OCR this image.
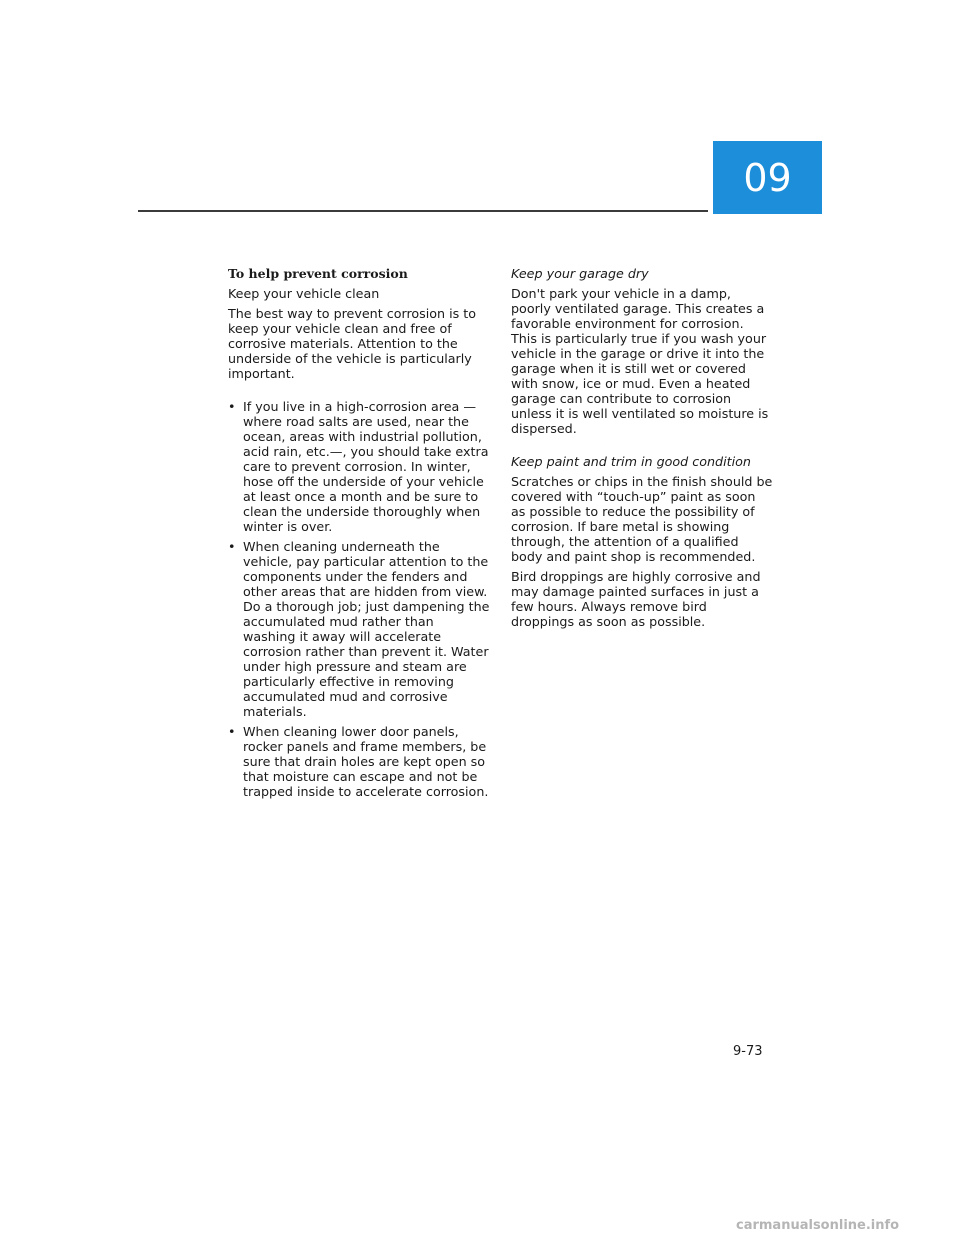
09
To help prevent corrosion
Keep your vehicle clean

The best way to prevent corrosion is to keep your vehicle clean and free of corrosive materials. Attention to the underside of the vehicle is particularly important.

• If you live in a high-corrosion area — where road salts are used, near the ocean, areas with industrial pollution, acid rain, etc.—, you should take extra care to prevent corrosion. In winter, hose off the underside of your vehicle at least once a month and be sure to clean the underside thoroughly when winter is over.
• When cleaning underneath the vehicle, pay particular attention to the components under the fenders and other areas that are hidden from view. Do a thorough job; just dampening the accumulated mud rather than washing it away will accelerate corrosion rather than prevent it. Water under high pressure and steam are particularly effective in removing accumulated mud and corrosive materials.
• When cleaning lower door panels, rocker panels and frame members, be sure that drain holes are kept open so that moisture can escape and not be trapped inside to accelerate corrosion.
Keep your garage dry

Don't park your vehicle in a damp, poorly ventilated garage. This creates a favorable environment for corrosion. This is particularly true if you wash your vehicle in the garage or drive it into the garage when it is still wet or covered with snow, ice or mud. Even a heated garage can contribute to corrosion unless it is well ventilated so moisture is dispersed.

Keep paint and trim in good condition

Scratches or chips in the finish should be covered with “touch-up” paint as soon as possible to reduce the possibility of corrosion. If bare metal is showing through, the attention of a qualified body and paint shop is recommended.

Bird droppings are highly corrosive and may damage painted surfaces in just a few hours. Always remove bird droppings as soon as possible.

9-73
carmanualsonline.info
